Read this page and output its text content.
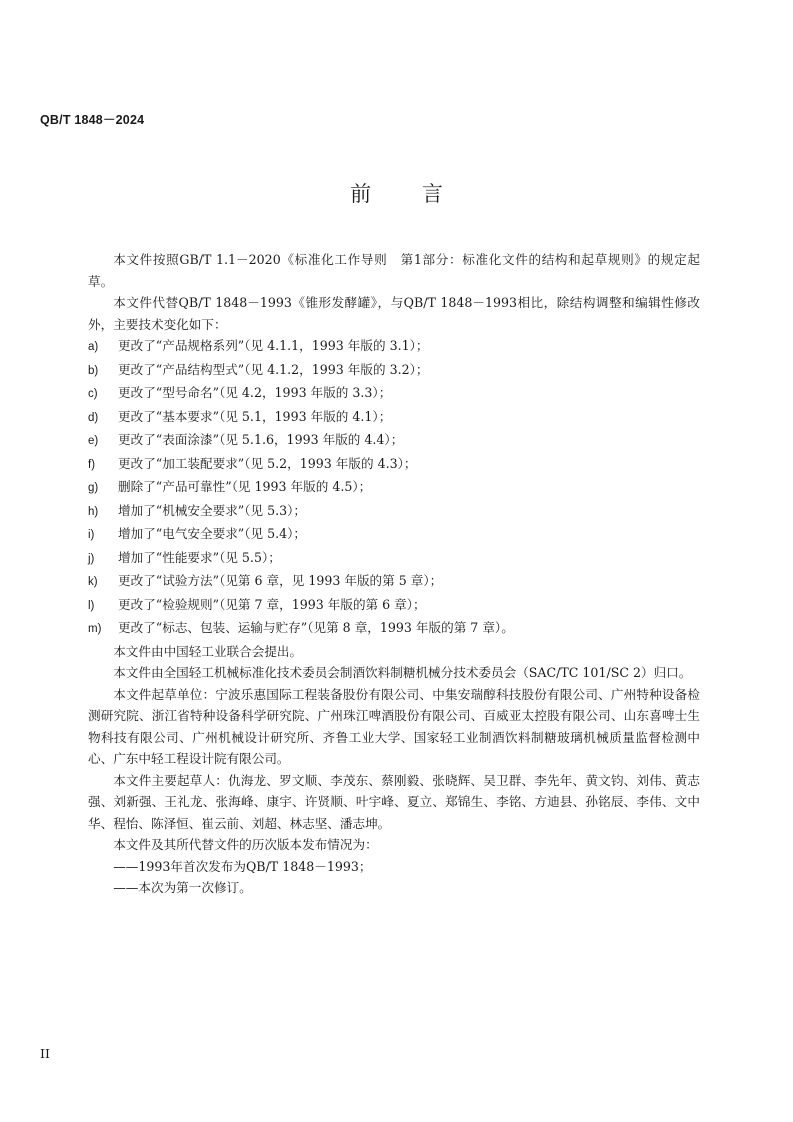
QB/T 1848－2024
前 言

本文件按照GB/T 1.1－2020《标准化工作导则　第1部分：标准化文件的结构和起草规则》的规定起草。

本文件代替QB/T 1848－1993《锥形发酵罐》，与QB/T 1848－1993相比，除结构调整和编辑性修改外，主要技术变化如下：

a) 更改了“产品规格系列”（见 4.1.1，1993 年版的 3.1）；

b) 更改了“产品结构型式”（见 4.1.2，1993 年版的 3.2）；

c) 更改了“型号命名”（见 4.2，1993 年版的 3.3）；

d) 更改了“基本要求”（见 5.1，1993 年版的 4.1）；

e) 更改了“表面涂漆”（见 5.1.6，1993 年版的 4.4）；

f) 更改了“加工装配要求”（见 5.2，1993 年版的 4.3）；

g) 删除了“产品可靠性”（见 1993 年版的 4.5）；

h) 增加了“机械安全要求”（见 5.3）；

i) 增加了“电气安全要求”（见 5.4）；

j) 增加了“性能要求”（见 5.5）；

k) 更改了“试验方法”（见第 6 章，见 1993 年版的第 5 章）；

l) 更改了“检验规则”（见第 7 章，1993 年版的第 6 章）；

m) 更改了“标志、包装、运输与贮存”（见第 8 章，1993 年版的第 7 章）。

本文件由中国轻工业联合会提出。

本文件由全国轻工机械标准化技术委员会制酒饮料制糖机械分技术委员会（SAC/TC 101/SC 2）归口。

本文件起草单位：宁波乐惠国际工程装备股份有限公司、中集安瑞醇科技股份有限公司、广州特种设备检测研究院、浙江省特种设备科学研究院、广州珠江啤酒股份有限公司、百威亚太控股有限公司、山东喜啤士生物科技有限公司、广州机械设计研究所、齐鲁工业大学、国家轻工业制酒饮料制糖玻璃机械质量监督检测中心、广东中轻工程设计院有限公司。

本文件主要起草人：仇海龙、罗文顺、李茂东、蔡刚毅、张晓辉、吴卫群、李先年、黄文钧、刘伟、黄志强、刘新强、王礼龙、张海峰、康宇、许贤顺、叶宇峰、夏立、郑锦生、李铭、方迪县、孙铭辰、李伟、文中华、程怡、陈泽恒、崔云前、刘超、林志坚、潘志坤。

本文件及其所代替文件的历次版本发布情况为：

——1993年首次发布为QB/T 1848－1993；

——本次为第一次修订。

II
